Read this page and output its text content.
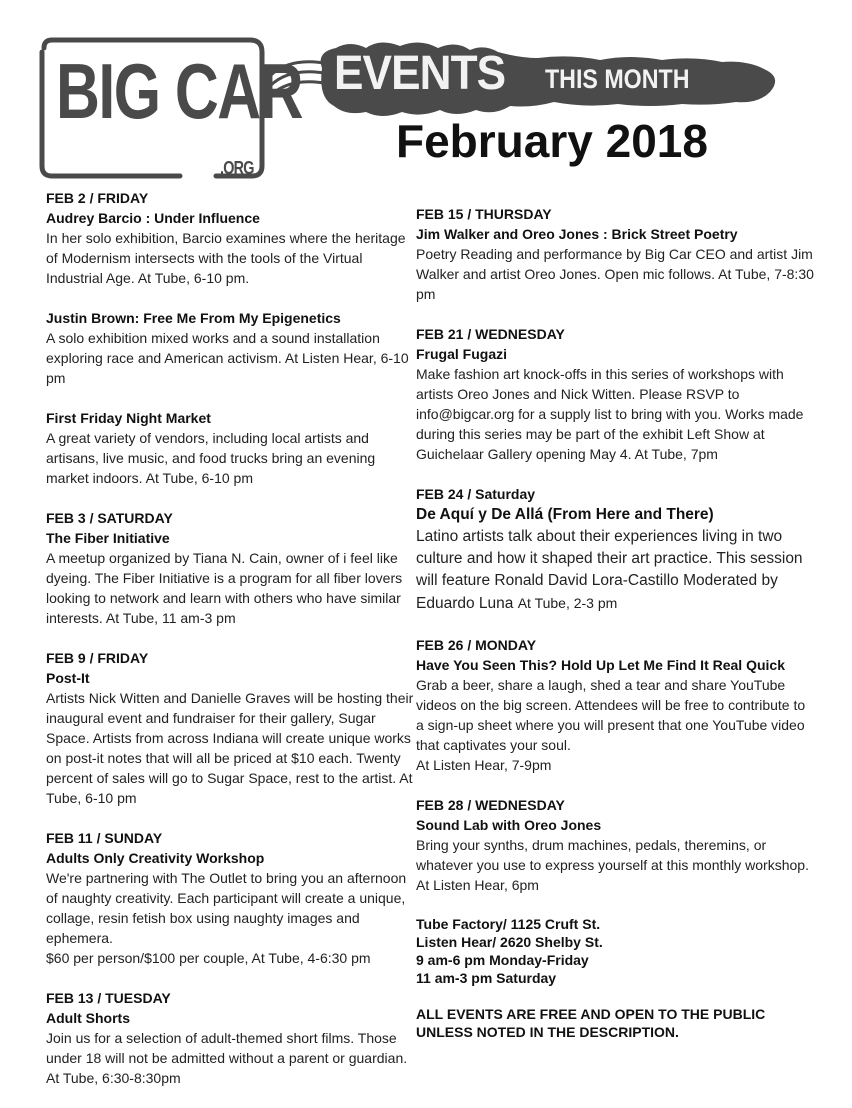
BIG CAR
.ORG
EVENTS THIS MONTH
February 2018
FEB 2 / FRIDAY
Audrey Barcio : Under Influence
In her solo exhibition, Barcio examines where the heritage of Modernism intersects with the tools of the Virtual Industrial Age. At Tube, 6-10 pm.
Justin Brown: Free Me From My Epigenetics
A solo exhibition mixed works and a sound installation exploring race and American activism. At Listen Hear, 6-10 pm
First Friday Night Market
A great variety of vendors, including local artists and artisans, live music, and food trucks bring an evening market indoors. At Tube, 6-10 pm
FEB 3 / SATURDAY
The Fiber Initiative
A meetup organized by Tiana N. Cain, owner of i feel like dyeing. The Fiber Initiative is a program for all fiber lovers looking to network and learn with others who have similar interests. At Tube, 11 am-3 pm
FEB 9 / FRIDAY
Post-It
Artists Nick Witten and Danielle Graves will be hosting their inaugural event and fundraiser for their gallery, Sugar Space. Artists from across Indiana will create unique works on post-it notes that will all be priced at $10 each. Twenty percent of sales will go to Sugar Space, rest to the artist. At Tube, 6-10 pm
FEB 11 / SUNDAY
Adults Only Creativity Workshop
We're partnering with The Outlet to bring you an afternoon of naughty creativity. Each participant will create a unique, collage, resin fetish box using naughty images and ephemera.
$60 per person/$100 per couple, At Tube, 4-6:30 pm
FEB 13 / TUESDAY
Adult Shorts
Join us for a selection of adult-themed short films. Those under 18 will not be admitted without a parent or guardian. At Tube, 6:30-8:30pm
FEB 15 / THURSDAY
Jim Walker and Oreo Jones : Brick Street Poetry
Poetry Reading and performance by Big Car CEO and artist Jim Walker and artist Oreo Jones. Open mic follows. At Tube, 7-8:30 pm
FEB 21 / WEDNESDAY
Frugal Fugazi
Make fashion art knock-offs in this series of workshops with artists Oreo Jones and Nick Witten. Please RSVP to info@bigcar.org for a supply list to bring with you. Works made during this series may be part of the exhibit Left Show at Guichelaar Gallery opening May 4. At Tube, 7pm
FEB 24 / Saturday
De Aquí y De Allá (From Here and There)
Latino artists talk about their experiences living in two culture and how it shaped their art practice. This session will feature Ronald David Lora-Castillo Moderated by Eduardo Luna At Tube, 2-3 pm
FEB 26 / MONDAY
Have You Seen This? Hold Up Let Me Find It Real Quick
Grab a beer, share a laugh, shed a tear and share YouTube videos on the big screen. Attendees will be free to contribute to a sign-up sheet where you will present that one YouTube video that captivates your soul.
At Listen Hear, 7-9pm
FEB 28 / WEDNESDAY
Sound Lab with Oreo Jones
Bring your synths, drum machines, pedals, theremins, or whatever you use to express yourself at this monthly workshop. At Listen Hear, 6pm
Tube Factory/ 1125 Cruft St.
Listen Hear/ 2620 Shelby St.
9 am-6 pm Monday-Friday
11 am-3 pm Saturday
ALL EVENTS ARE FREE AND OPEN TO THE PUBLIC UNLESS NOTED IN THE DESCRIPTION.
